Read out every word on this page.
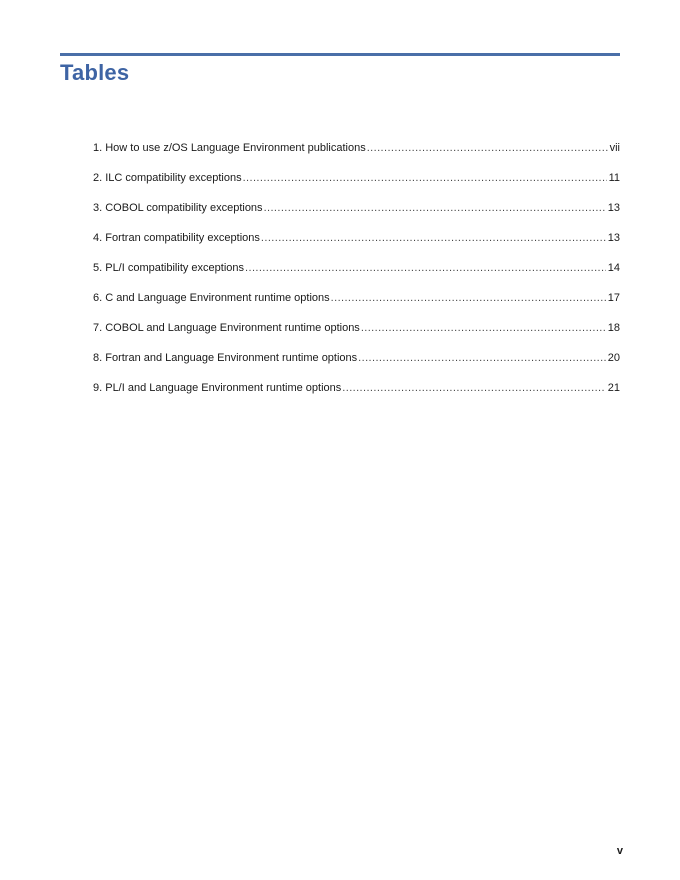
Tables
1. How to use z/OS Language Environment publications .....	vii
2. ILC compatibility exceptions .....	11
3. COBOL compatibility exceptions .....	13
4. Fortran compatibility exceptions .....	13
5. PL/I compatibility exceptions .....	14
6. C and Language Environment runtime options .....	17
7. COBOL and Language Environment runtime options .....	18
8. Fortran and Language Environment runtime options .....	20
9. PL/I and Language Environment runtime options .....	21
v
